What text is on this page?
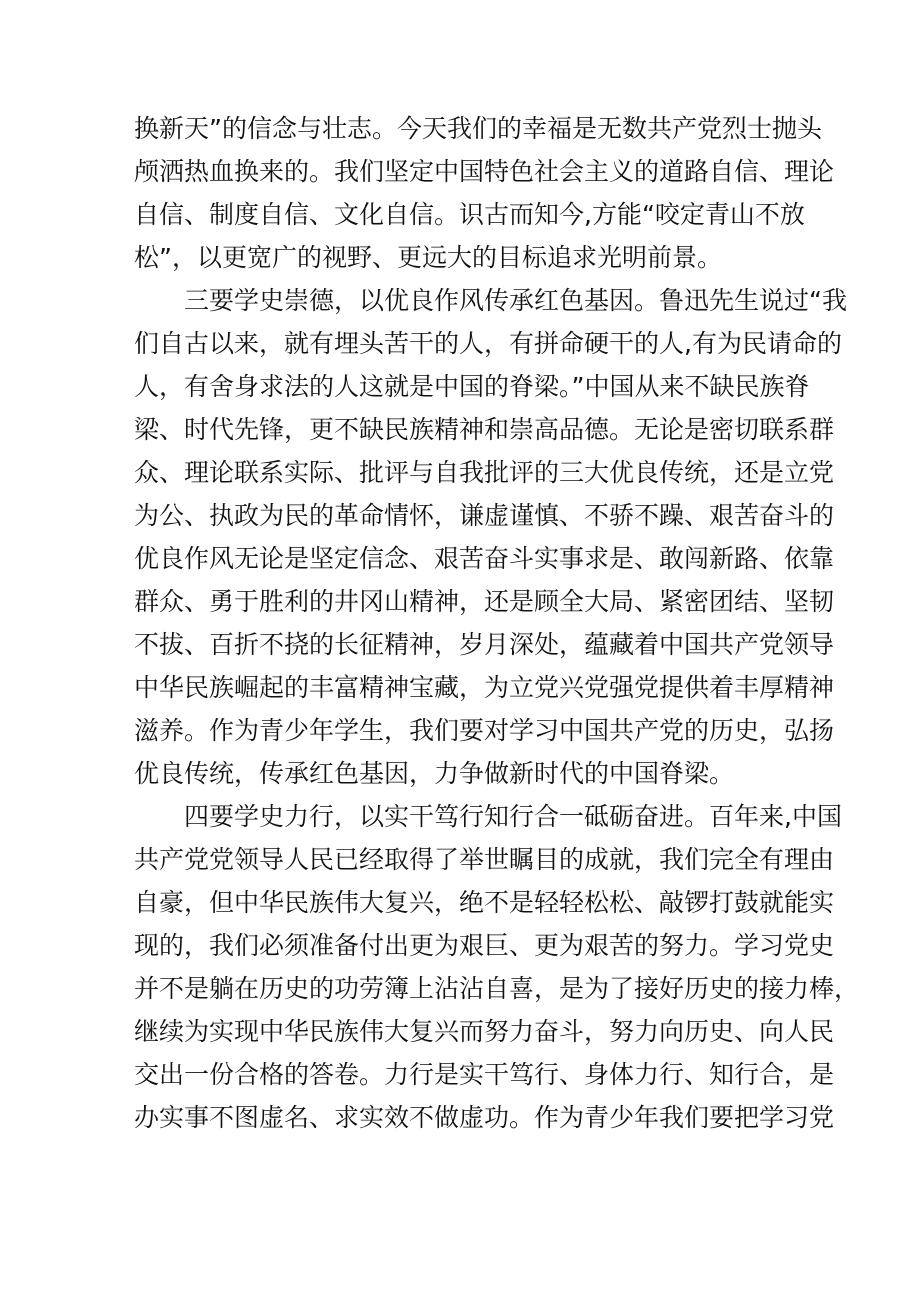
换新天”的信念与壮志。今天我们的幸福是无数共产党烈士抛头
颅洒热血换来的。我们坚定中国特色社会主义的道路自信、理论
自信、制度自信、文化自信。识古而知今,方能“咬定青山不放
松”，以更宽广的视野、更远大的目标追求光明前景。
三要学史崇德，以优良作风传承红色基因。鲁迅先生说过“我
们自古以来，就有埋头苦干的人，有拼命硬干的人,有为民请命的
人，有舍身求法的人这就是中国的脊梁。”中国从来不缺民族脊
梁、时代先锋，更不缺民族精神和崇高品德。无论是密切联系群
众、理论联系实际、批评与自我批评的三大优良传统，还是立党
为公、执政为民的革命情怀，谦虚谨慎、不骄不躁、艰苦奋斗的
优良作风无论是坚定信念、艰苦奋斗实事求是、敢闯新路、依靠
群众、勇于胜利的井冈山精神，还是顾全大局、紧密团结、坚韧
不拔、百折不挠的长征精神，岁月深处，蕴藏着中国共产党领导
中华民族崛起的丰富精神宝藏，为立党兴党强党提供着丰厚精神
滋养。作为青少年学生，我们要对学习中国共产党的历史，弘扬
优良传统，传承红色基因，力争做新时代的中国脊梁。
四要学史力行，以实干笃行知行合一砥砺奋进。百年来,中国
共产党党领导人民已经取得了举世瞩目的成就，我们完全有理由
自豪，但中华民族伟大复兴，绝不是轻轻松松、敲锣打鼓就能实
现的，我们必须准备付出更为艰巨、更为艰苦的努力。学习党史
并不是躺在历史的功劳簿上沾沾自喜，是为了接好历史的接力棒，
继续为实现中华民族伟大复兴而努力奋斗，努力向历史、向人民
交出一份合格的答卷。力行是实干笃行、身体力行、知行合，是
办实事不图虚名、求实效不做虚功。作为青少年我们要把学习党
